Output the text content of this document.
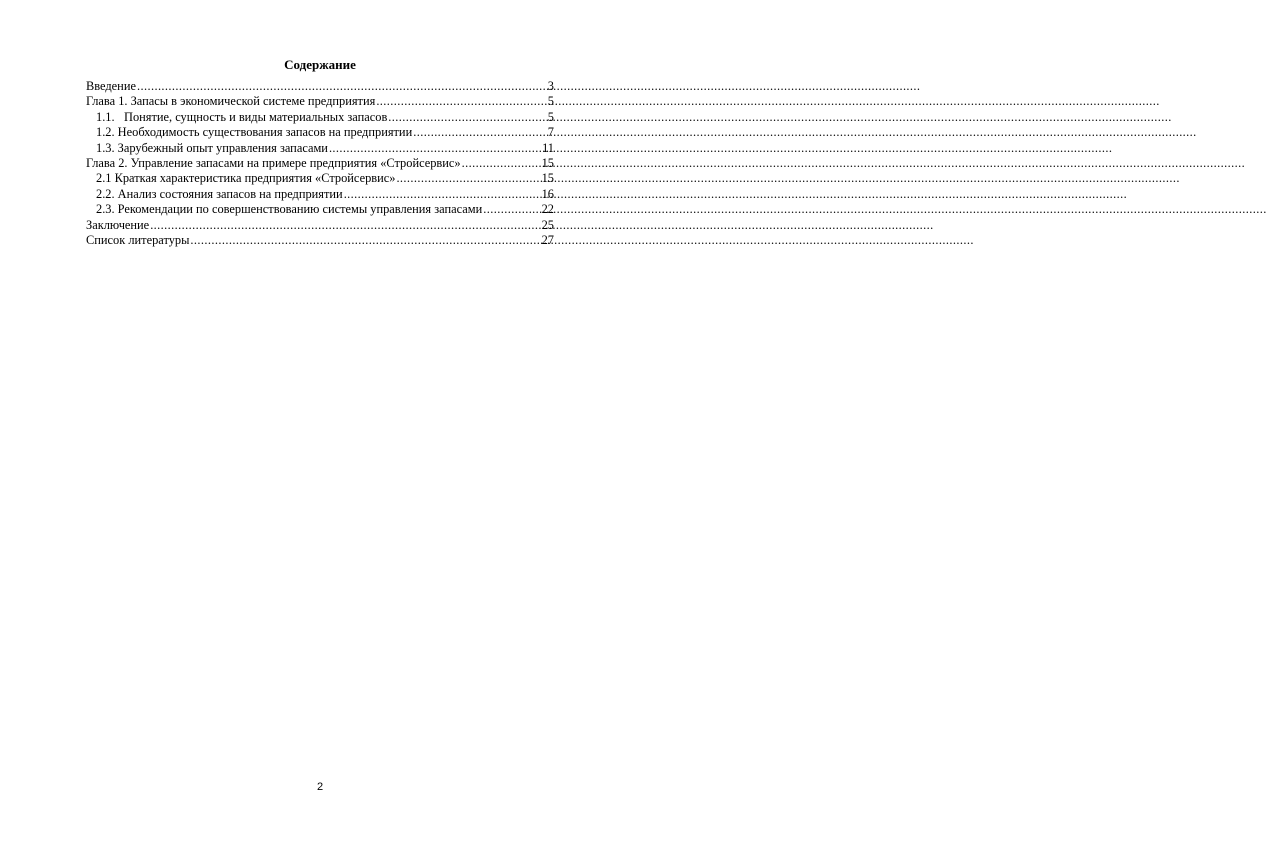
Содержание
Введение .....	3
Глава 1. Запасы в экономической системе предприятия .....	5
1.1. Понятие, сущность и виды материальных запасов .....	5
1.2. Необходимость существования запасов на предприятии .....	7
1.3. Зарубежный опыт управления запасами .....	11
Глава 2. Управление запасами на примере предприятия «Стройсервис» .....	15
2.1 Краткая характеристика предприятия «Стройсервис» .....	15
2.2. Анализ состояния запасов на предприятии .....	16
2.3. Рекомендации по совершенствованию системы управления запасами .....	22
Заключение .....	25
Список литературы .....	27
2
